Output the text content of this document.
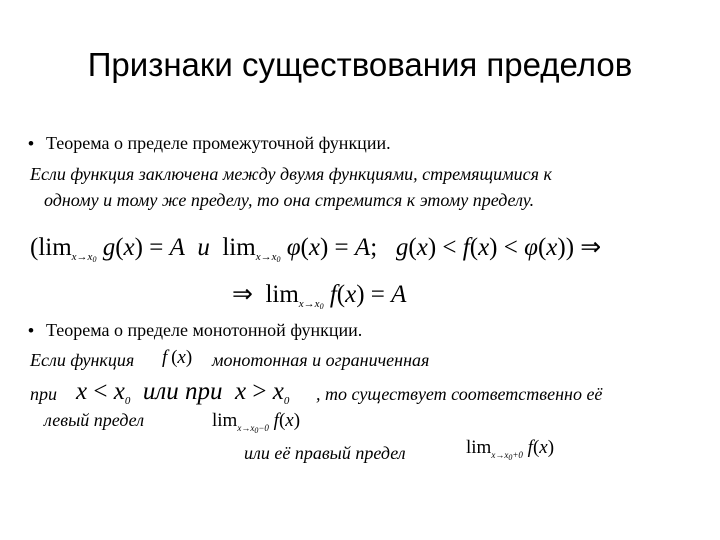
Признаки существования пределов
• Теорема о пределе промежуточной функции.
Если функция заключена между двумя функциями, стремящимися к
одному и тому же пределу, то она стремится к этому пределу.
($\lim_{x\to x_0}$ g(x) = A и $\lim_{x\to x_0} \varphi(x) = A$;   g(x) < f(x) < φ(x)) ⇒
⇒  $\lim_{x\to x_0} f(x) = A$
• Теорема о пределе монотонной функции.
Если функция f (x) монотонная и ограниченная
при $x < x_0$ или при $x > x_0$ , то существует соответственно её
левый предел	$\lim_{x\to x_0-0} f(x)$
или её правый предел	$\lim_{x\to x_0+0} f(x)$
